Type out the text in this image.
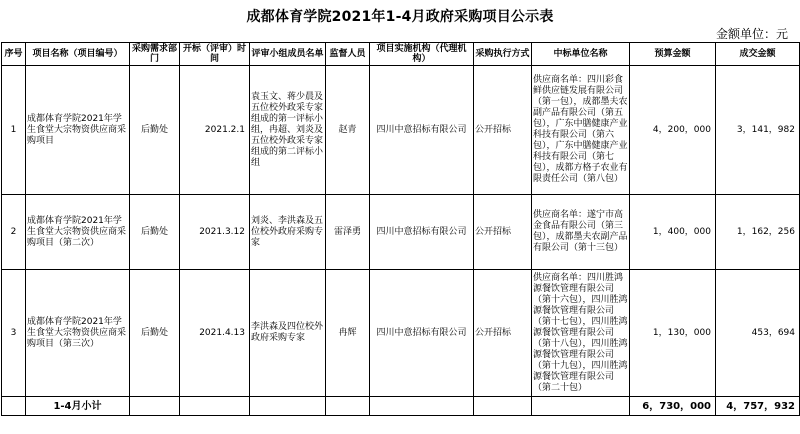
成都体育学院2021年1-4月政府采购项目公示表
金额单位：元
序号	项目名称（项目编号）	采购需求部门	开标（评审）时间	评审小组成员名单	监督人员	项目实施机构（代理机构）	采购执行方式	中标单位名称	预算金额	成交金额
1	成都体育学院2021年学生食堂大宗物资供应商采购项目	后勤处	2021.2.1	袁玉文、蒋少晨及五位校外政采专家组成的第一评标小组，冉超、刘炎及五位校外政采专家组成的第二评标小组	赵青	四川中意招标有限公司	公开招标	供应商名单：四川彩食鲜供应链发展有限公司（第一包），成都墨夫农副产品有限公司（第五包），广东中膳健康产业科技有限公司（第六包），广东中膳健康产业科技有限公司（第七包），成都方格子农业有限责任公司（第八包）	4，200，000	3，141，982
2	成都体育学院2021年学生食堂大宗物资供应商采购项目（第二次）	后勤处	2021.3.12	刘炎、李洪森及五位校外政府采购专家	雷泽勇	四川中意招标有限公司	公开招标	供应商名单：遂宁市高金食品有限公司（第三包），成都墨夫农副产品有限公司（第十三包）	1，400，000	1，162，256
3	成都体育学院2021年学生食堂大宗物资供应商采购项目（第三次）	后勤处	2021.4.13	李洪森及四位校外政府采购专家	冉辉	四川中意招标有限公司	公开招标	供应商名单：四川胜鸿源餐饮管理有限公司（第十六包），四川胜鸿源餐饮管理有限公司（第十七包），四川胜鸿源餐饮管理有限公司（第十八包），四川胜鸿源餐饮管理有限公司（第十九包），四川胜鸿源餐饮管理有限公司（第二十包）	1，130，000	453，694
	1-4月小计								6，730，000	4，757，932
